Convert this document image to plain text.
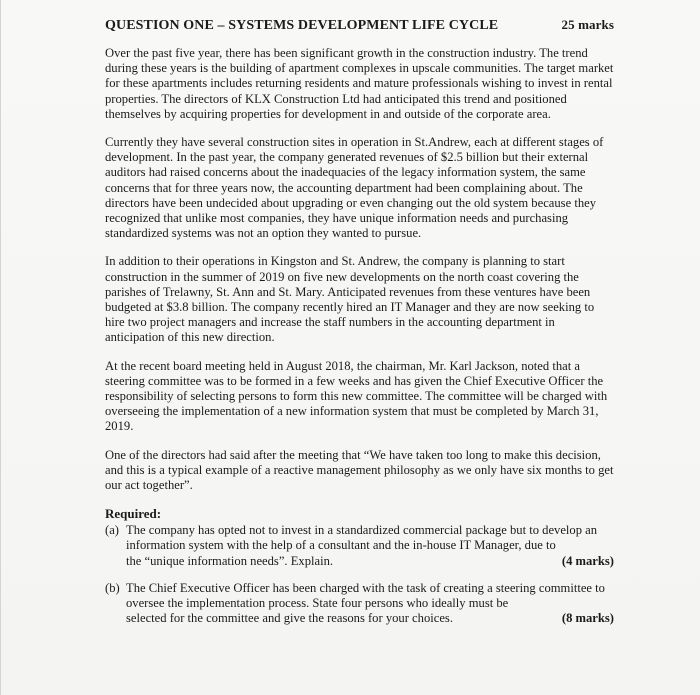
QUESTION ONE – SYSTEMS DEVELOPMENT LIFE CYCLE	25 marks

Over the past five year, there has been significant growth in the construction industry. The trend during these years is the building of apartment complexes in upscale communities. The target market for these apartments includes returning residents and mature professionals wishing to invest in rental properties. The directors of KLX Construction Ltd had anticipated this trend and positioned themselves by acquiring properties for development in and outside of the corporate area.

Currently they have several construction sites in operation in St.Andrew, each at different stages of development. In the past year, the company generated revenues of $2.5 billion but their external auditors had raised concerns about the inadequacies of the legacy information system, the same concerns that for three years now, the accounting department had been complaining about. The directors have been undecided about upgrading or even changing out the old system because they recognized that unlike most companies, they have unique information needs and purchasing standardized systems was not an option they wanted to pursue.

In addition to their operations in Kingston and St. Andrew, the company is planning to start construction in the summer of 2019 on five new developments on the north coast covering the parishes of Trelawny, St. Ann and St. Mary. Anticipated revenues from these ventures have been budgeted at $3.8 billion. The company recently hired an IT Manager and they are now seeking to hire two project managers and increase the staff numbers in the accounting department in anticipation of this new direction.

At the recent board meeting held in August 2018, the chairman, Mr. Karl Jackson, noted that a steering committee was to be formed in a few weeks and has given the Chief Executive Officer the responsibility of selecting persons to form this new committee. The committee will be charged with overseeing the implementation of a new information system that must be completed by March 31, 2019.

One of the directors had said after the meeting that “We have taken too long to make this decision, and this is a typical example of a reactive management philosophy as we only have six months to get our act together”.

Required:
(a) The company has opted not to invest in a standardized commercial package but to develop an information system with the help of a consultant and the in-house IT Manager, due to
the “unique information needs”. Explain.	(4 marks)
(b) The Chief Executive Officer has been charged with the task of creating a steering committee to oversee the implementation process. State four persons who ideally must be
selected for the committee and give the reasons for your choices.	(8 marks)
